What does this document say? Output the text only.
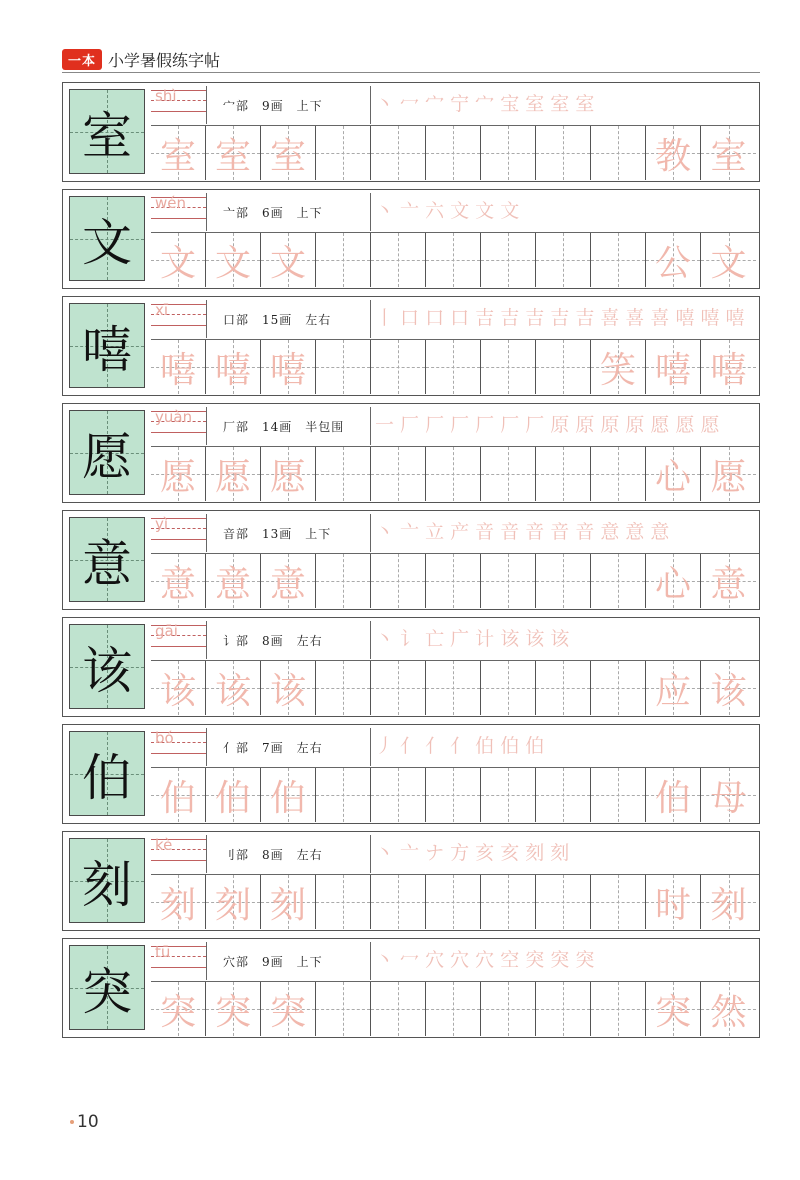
一本 小学暑假练字帖
室
shì
宀部　9画　上下	丶 冖 宀 宁 宀 宝 室 室 室
室 室 室	教 室
文
wén
亠部　6画　上下	丶 亠 六 文 文 文
文 文 文	公 文
嘻
xī
口部　15画　左右 丨 口 口 口 吉 吉 吉 吉 吉 喜 喜 喜 嘻 嘻 嘻
嘻 嘻 嘻	笑 嘻 嘻
愿
yuàn
厂部　14画　半包围 一 厂 厂 厂 厂 厂 厂 原 原 原 原 愿 愿 愿
愿 愿 愿	心 愿
意
yì
音部　13画　上下 丶 亠 立 产 音 音 音 音 音 意 意 意
意 意 意	心 意
该
gāi
讠部　8画　左右	丶 讠 亡 广 计 该 该 该
该 该 该	应 该
伯
bó
亻部　7画　左右	丿 亻 亻 亻 伯 伯 伯
伯 伯 伯	伯 母
刻
kè
刂部　8画　左右	丶 亠 ナ 方 亥 亥 刻 刻
刻 刻 刻	时 刻
突
tū
穴部　9画　上下	丶 冖 穴 穴 穴 空 突 突 突
突 突 突	突 然
10
